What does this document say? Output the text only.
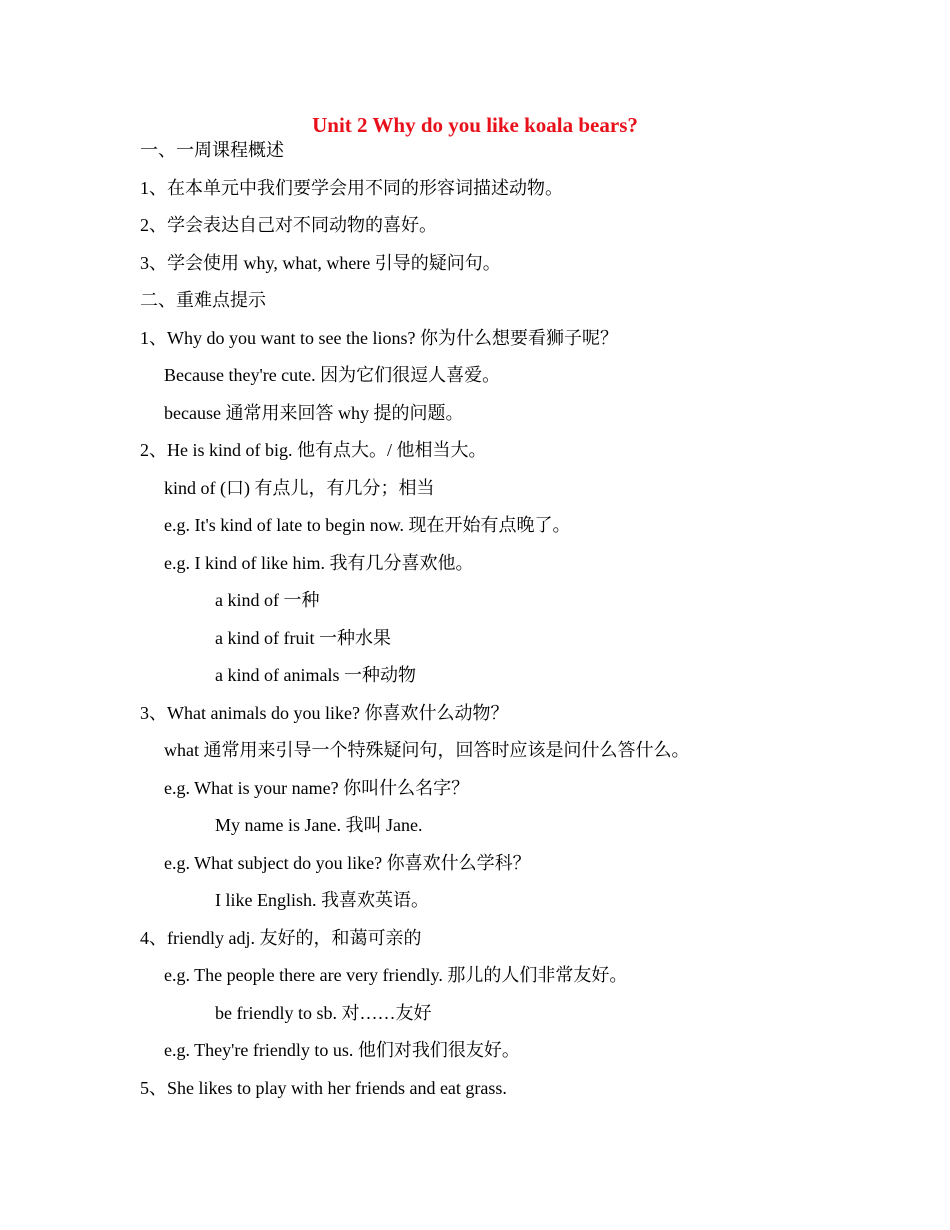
Unit 2 Why do you like koala bears?

一、一周课程概述

1、在本单元中我们要学会用不同的形容词描述动物。

2、学会表达自己对不同动物的喜好。

3、学会使用 why, what, where 引导的疑问句。

二、重难点提示

1、Why do you want to see the lions? 你为什么想要看狮子呢？

Because they're cute. 因为它们很逗人喜爱。

because 通常用来回答 why 提的问题。

2、He is kind of big. 他有点大。/ 他相当大。

kind of (口) 有点儿，有几分；相当

e.g. It's kind of late to begin now. 现在开始有点晚了。

e.g. I kind of like him. 我有几分喜欢他。

a kind of 一种

a kind of fruit 一种水果

a kind of animals 一种动物

3、What animals do you like? 你喜欢什么动物？

what 通常用来引导一个特殊疑问句，回答时应该是问什么答什么。

e.g. What is your name? 你叫什么名字？

My name is Jane. 我叫 Jane.

e.g. What subject do you like? 你喜欢什么学科？

I like English. 我喜欢英语。

4、friendly adj. 友好的，和蔼可亲的

e.g. The people there are very friendly. 那儿的人们非常友好。

be friendly to sb. 对……友好

e.g. They're friendly to us. 他们对我们很友好。

5、She likes to play with her friends and eat grass.
